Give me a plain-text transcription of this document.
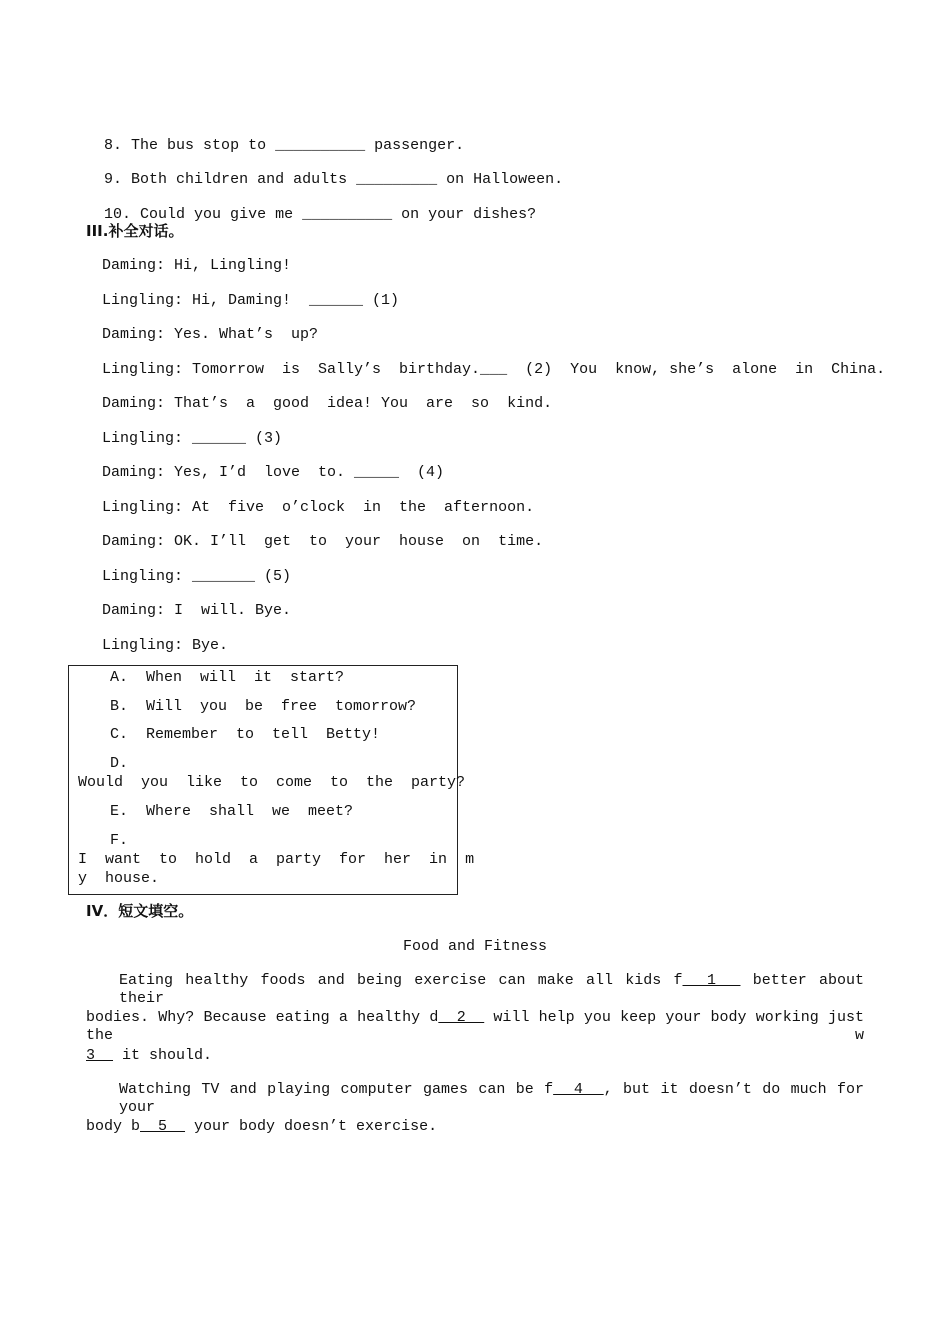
8. The bus stop to __________ passenger.

9. Both children and adults _________ on Halloween.

10. Could you give me __________ on your dishes?

III.补全对话。
Daming: Hi, Lingling!
Lingling: Hi, Daming!  ______ (1)
Daming: Yes. What’s  up?
Lingling: Tomorrow  is  Sally’s  birthday.___  (2)  You  know, she’s  alone  in  China.
Daming: That’s  a  good  idea! You  are  so  kind.
Lingling: ______ (3)
Daming: Yes, I’d  love  to. _____  (4)
Lingling: At  five  o’clock  in  the  afternoon.
Daming: OK. I’ll  get  to  your  house  on  time.
Lingling: _______ (5)
Daming: I  will. Bye.
Lingling: Bye.
A.  When  will  it  start?
B.  Will  you  be  free  tomorrow?
C.  Remember  to  tell  Betty!
D.
Would  you  like  to  come  to  the  party?
E.  Where  shall  we  meet?
F.
I  want  to  hold  a  party  for  her  in  m
y  house.
IV．短文填空。
Food and Fitness
Eating healthy foods and being exercise can make all kids f  1   better about their
bodies. Why? Because eating a healthy d  2   will help you keep your body working just the w
3   it should.
Watching TV and playing computer games can be f  4  , but it doesn’t do much for your
body b  5   your body doesn’t exercise.
